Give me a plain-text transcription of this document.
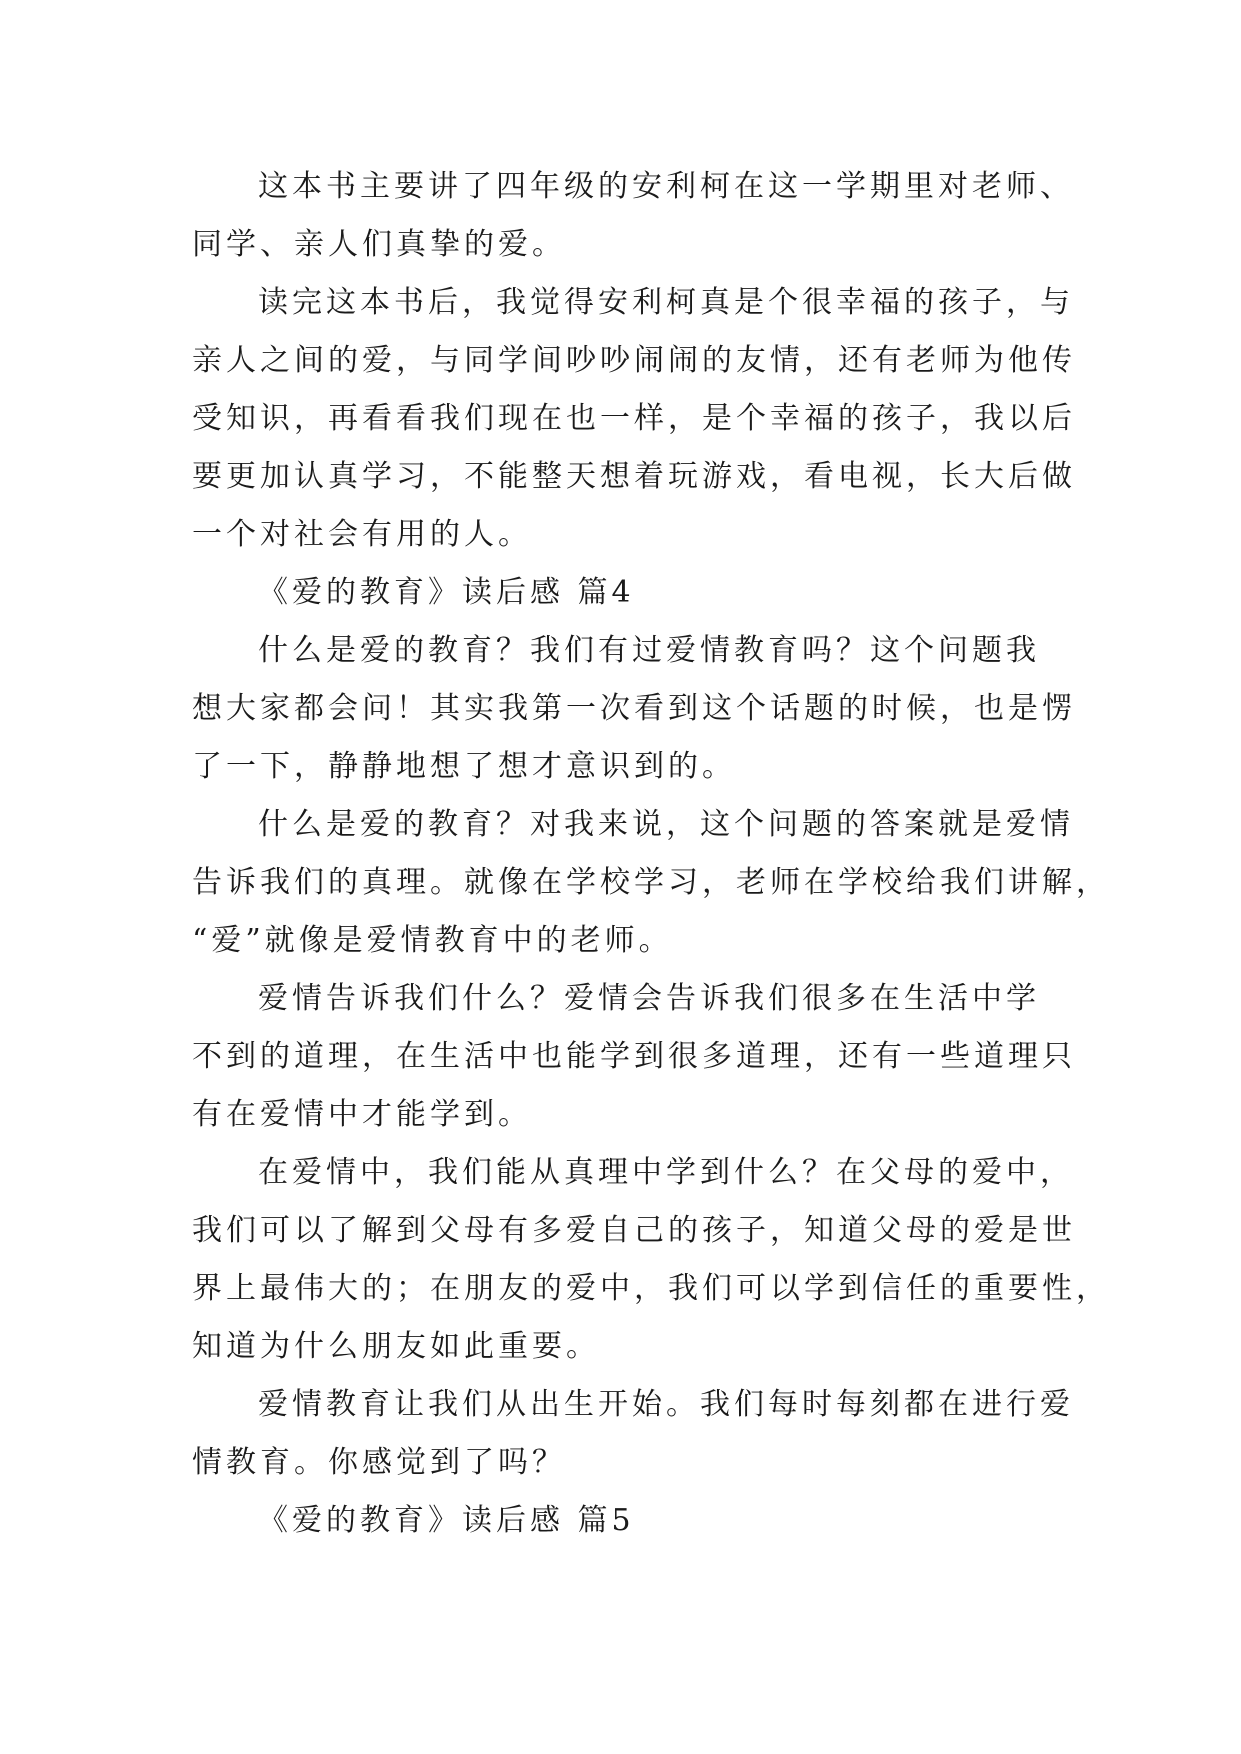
这本书主要讲了四年级的安利柯在这一学期里对老师、
同学、亲人们真挚的爱。
读完这本书后，我觉得安利柯真是个很幸福的孩子，与
亲人之间的爱，与同学间吵吵闹闹的友情，还有老师为他传
受知识，再看看我们现在也一样，是个幸福的孩子，我以后
要更加认真学习，不能整天想着玩游戏，看电视，长大后做
一个对社会有用的人。
《爱的教育》读后感 篇4
什么是爱的教育？我们有过爱情教育吗？这个问题我
想大家都会问！其实我第一次看到这个话题的时候，也是愣
了一下，静静地想了想才意识到的。
什么是爱的教育？对我来说，这个问题的答案就是爱情
告诉我们的真理。就像在学校学习，老师在学校给我们讲解，
“爱”就像是爱情教育中的老师。
爱情告诉我们什么？爱情会告诉我们很多在生活中学
不到的道理，在生活中也能学到很多道理，还有一些道理只
有在爱情中才能学到。
在爱情中，我们能从真理中学到什么？在父母的爱中，
我们可以了解到父母有多爱自己的孩子，知道父母的爱是世
界上最伟大的；在朋友的爱中，我们可以学到信任的重要性，
知道为什么朋友如此重要。
爱情教育让我们从出生开始。我们每时每刻都在进行爱
情教育。你感觉到了吗？
《爱的教育》读后感 篇5
